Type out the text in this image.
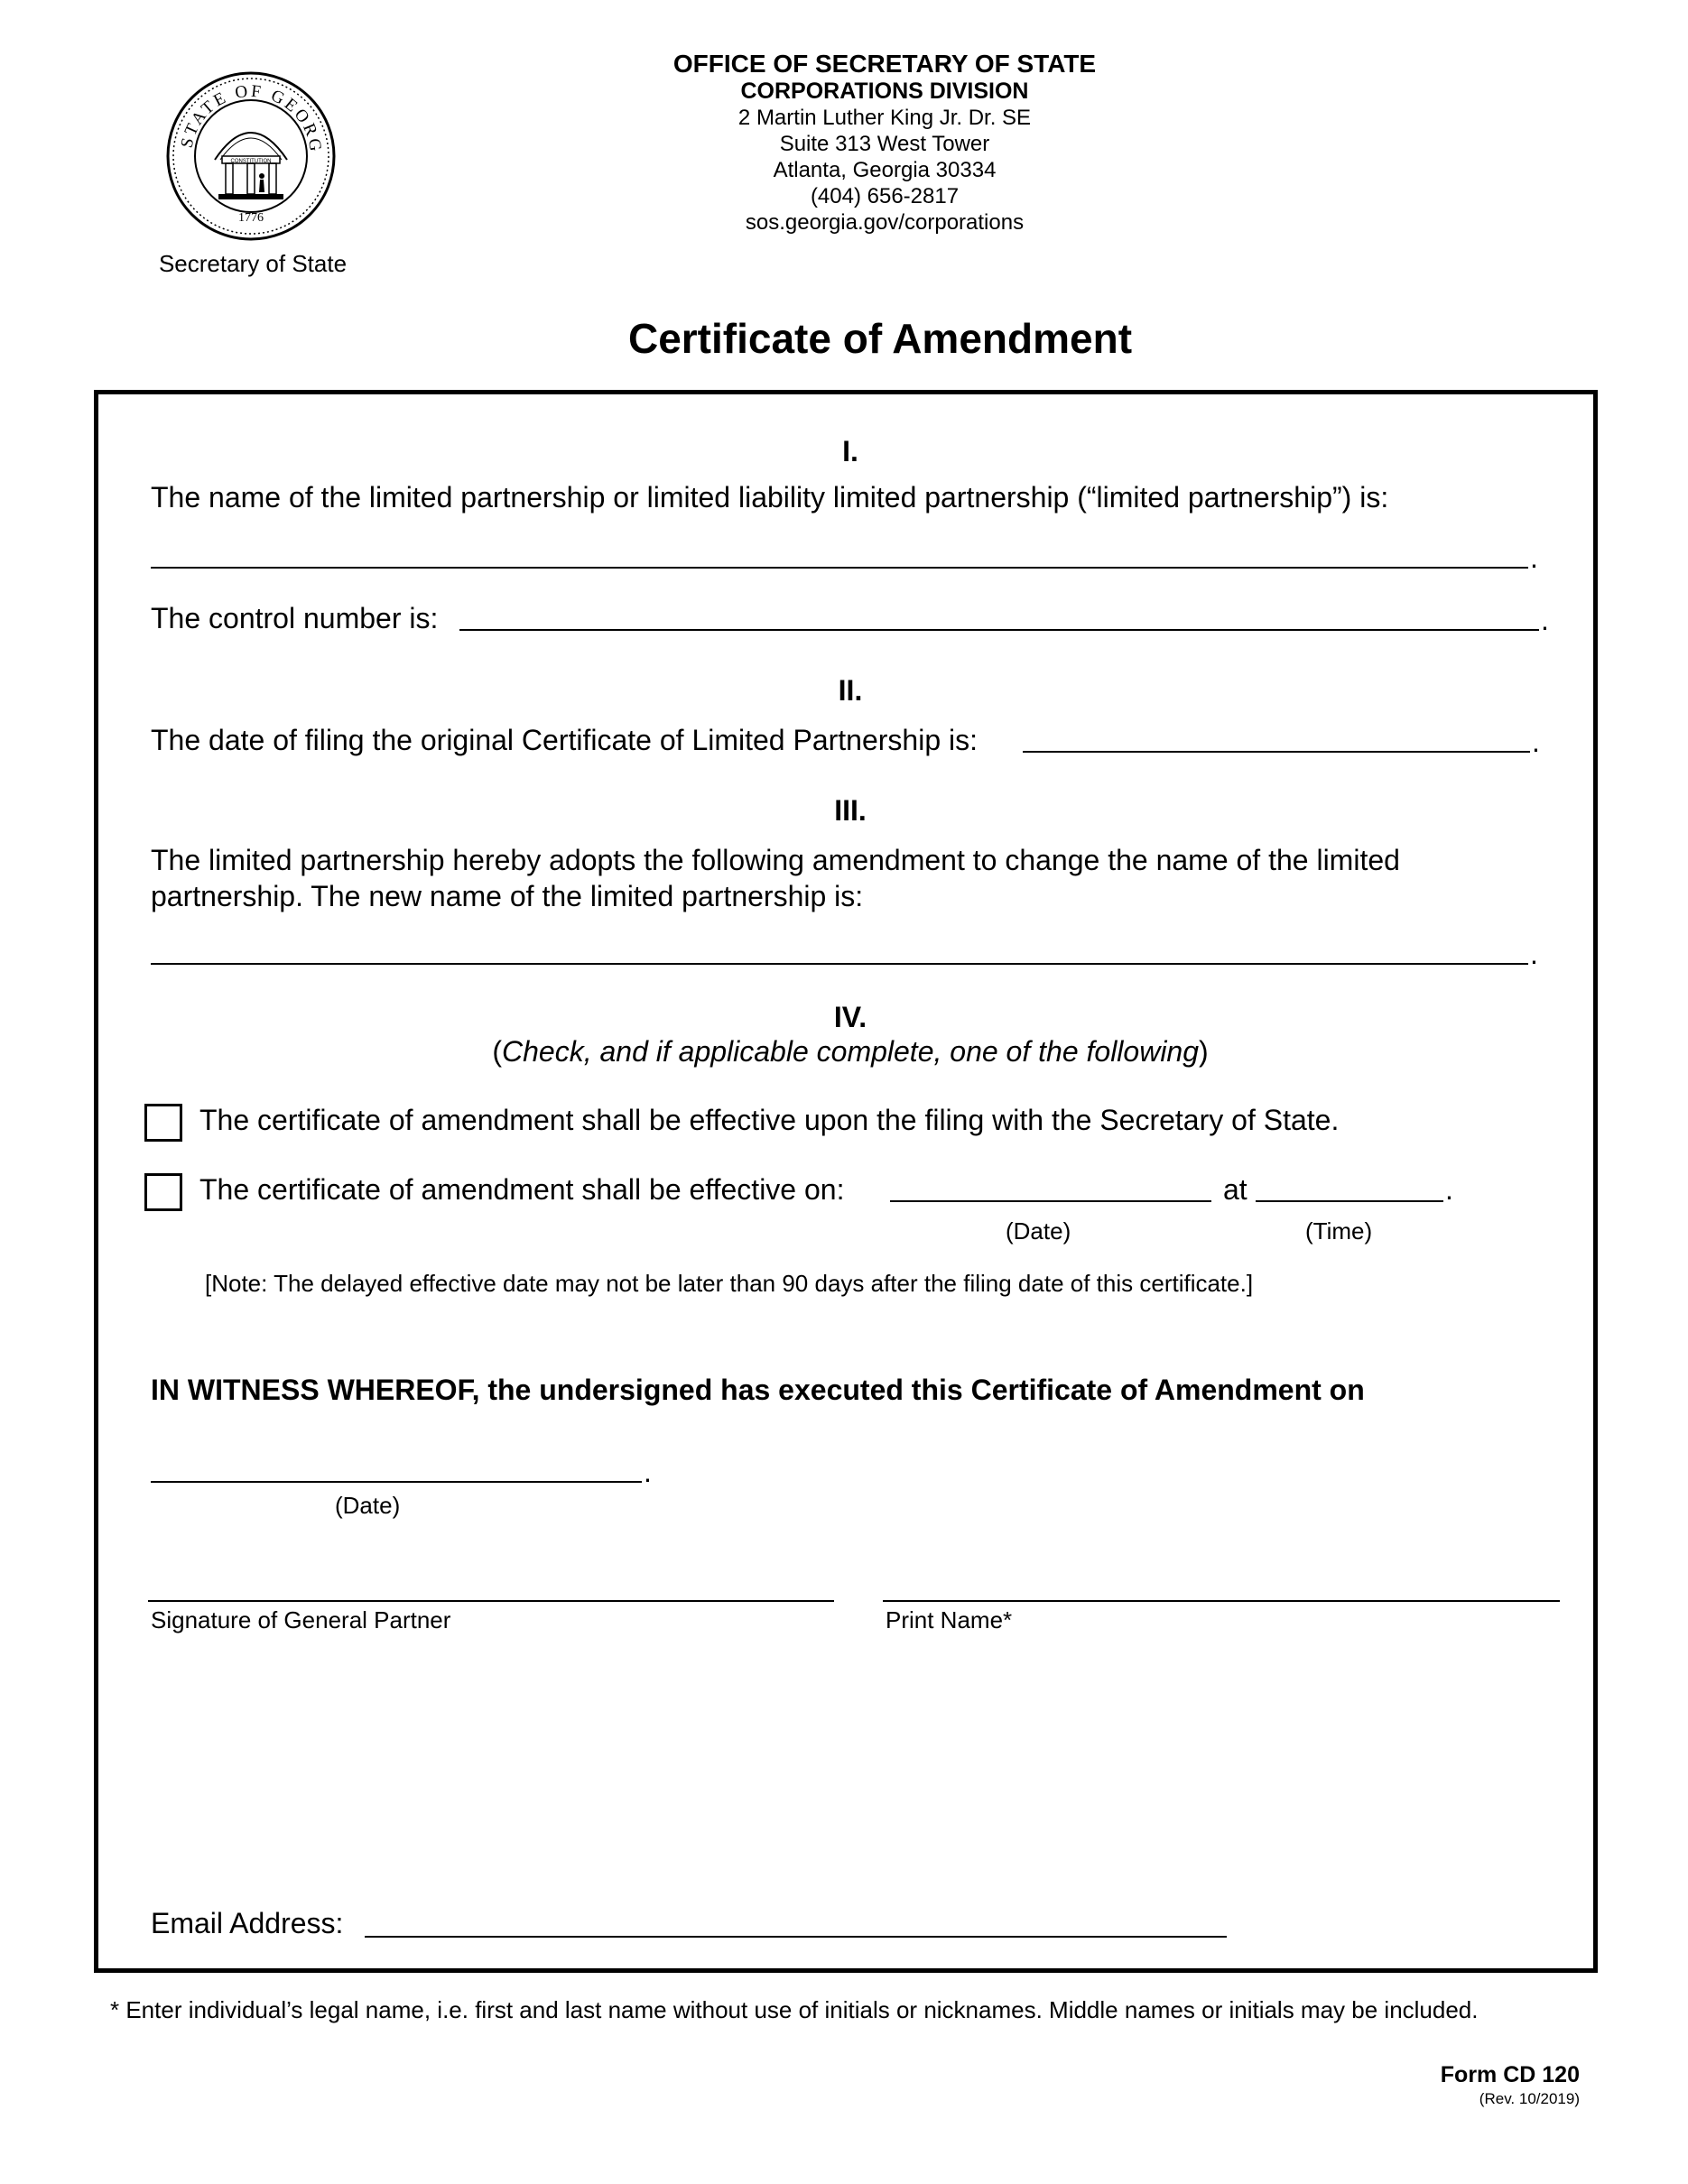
STATE OF GEORG
CONSTITUTION
1776
Secretary of State
OFFICE OF SECRETARY OF STATE
CORPORATIONS DIVISION
2 Martin Luther King Jr. Dr. SE
Suite 313 West Tower
Atlanta, Georgia 30334
(404) 656-2817
sos.georgia.gov/corporations
Certificate of Amendment
I.
The name of the limited partnership or limited liability limited partnership (“limited partnership”) is:
.
The control number is:	.
II.
The date of filing the original Certificate of Limited Partnership is:	.
III.
The limited partnership hereby adopts the following amendment to change the name of the limited
partnership. The new name of the limited partnership is:
.
IV.
(Check, and if applicable complete, one of the following)
The certificate of amendment shall be effective upon the filing with the Secretary of State.
The certificate of amendment shall be effective on:	at	.
(Date)	(Time)
[Note: The delayed effective date may not be later than 90 days after the filing date of this certificate.]
IN WITNESS WHEREOF, the undersigned has executed this Certificate of Amendment on
.
(Date)
Signature of General Partner	Print Name*
Email Address:
* Enter individual’s legal name, i.e. first and last name without use of initials or nicknames. Middle names or initials may be included.
Form CD 120
(Rev. 10/2019)
